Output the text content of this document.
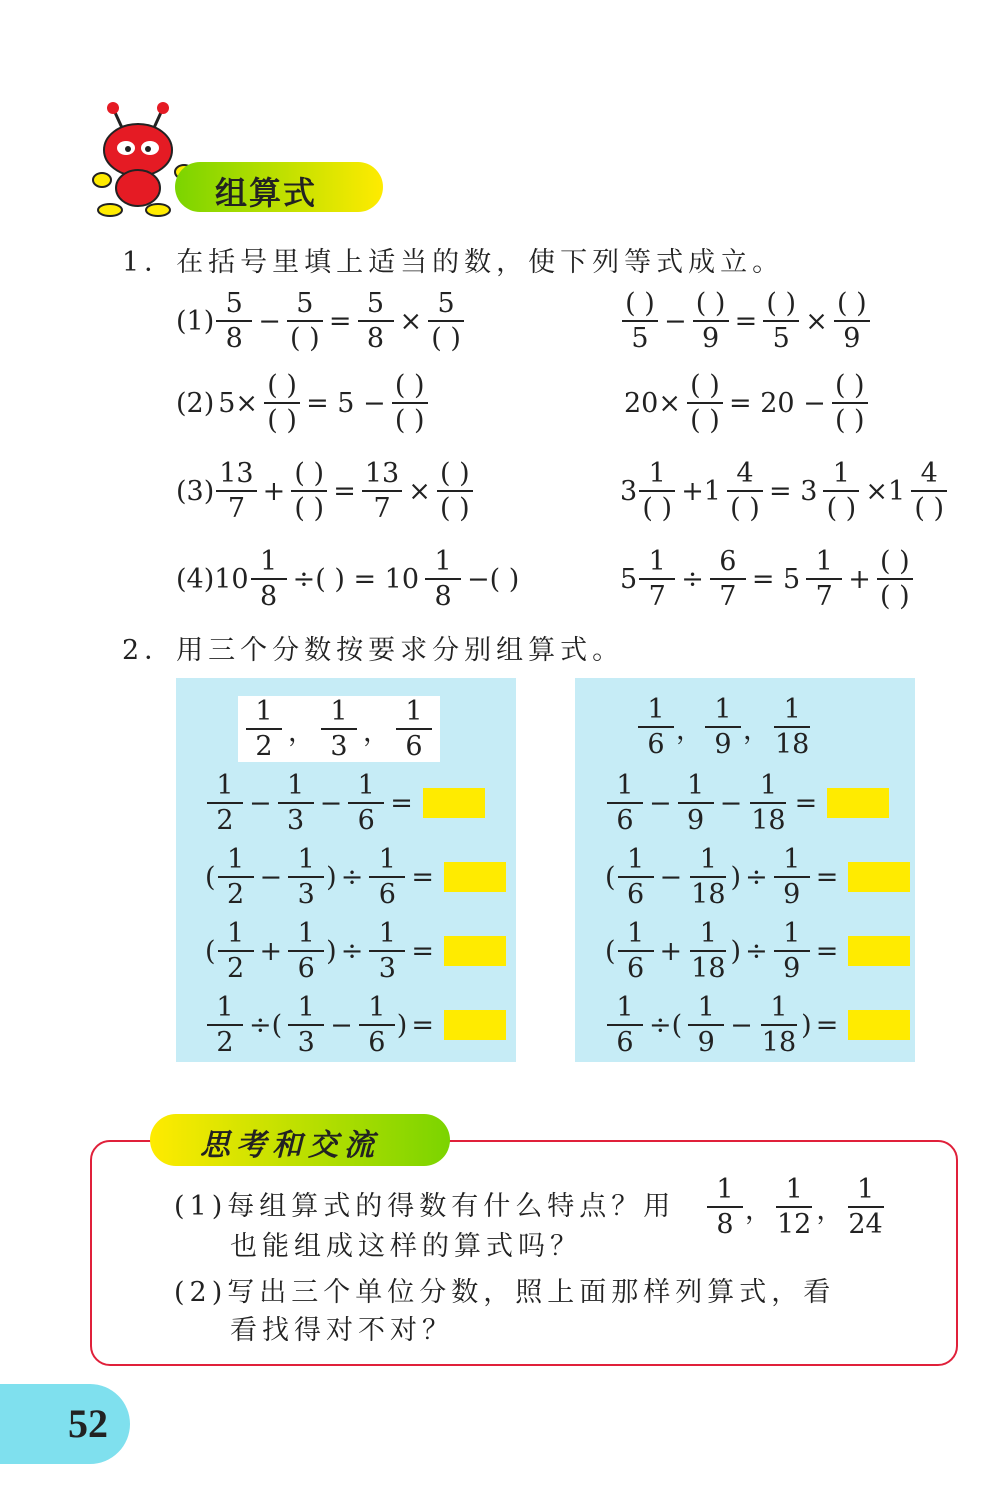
组算式
1．在括号里填上适当的数，使下列等式成立。
$(1) \frac{5}{8} - \frac{5}{( )} = \frac{5}{8} \times \frac{5}{( )}$	$\frac{( )}{5} - \frac{( )}{9} = \frac{( )}{5} \times \frac{( )}{9}$
(2) $5\times \frac{( )}{( )} = 5 - \frac{( )}{( )}$	$20\times \frac{( )}{( )} = 20 - \frac{( )}{( )}$
$(3) \frac{13}{7} + \frac{( )}{( )} = \frac{13}{7} \times \frac{( )}{( )}$	$3 \frac{1}{( )} +1 \frac{4}{( )} = 3 \frac{1}{( )} \times 1 \frac{4}{( )}$
(4) $10 \frac{1}{8}$ ÷( ) = $10 \frac{1}{8}$ −( )	$5 \frac{1}{7} \div \frac{6}{7} = 5 \frac{1}{7} + \frac{( )}{( )}$
2．用三个分数按要求分别组算式。
$\frac{1}{2}$ ， $\frac{1}{3}$ ， $\frac{1}{6}$
$\frac{1}{2} - \frac{1}{3} - \frac{1}{6}$ =
( $\frac{1}{2} - \frac{1}{3}$ ) ÷ $\frac{1}{6}$ =
( $\frac{1}{2} + \frac{1}{6}$ ) ÷ $\frac{1}{3}$ =
$\frac{1}{2}$ ÷( $\frac{1}{3} - \frac{1}{6}$ ) =
$\frac{1}{6}$ ， $\frac{1}{9}$ ， $\frac{1}{18}$
$\frac{1}{6} - \frac{1}{9} - \frac{1}{18}$ =
( $\frac{1}{6} - \frac{1}{18}$ ) ÷ $\frac{1}{9}$ =
( $\frac{1}{6} + \frac{1}{18}$ ) ÷ $\frac{1}{9}$ =
$\frac{1}{6}$ ÷( $\frac{1}{9} - \frac{1}{18}$ ) =
思考和交流
(1)每组算式的得数有什么特点？用 $\frac{1}{8}$ ， $\frac{1}{12}$ ， $\frac{1}{24}$
也能组成这样的算式吗？
(2)写出三个单位分数，照上面那样列算式，看
看找得对不对？
52
